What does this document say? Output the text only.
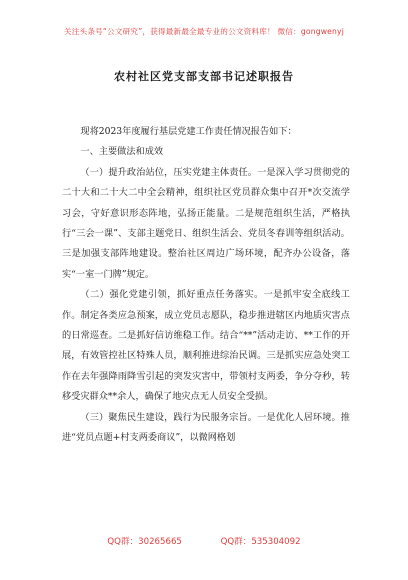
关注头条号“公文研究”，获得最新最全最专业的公文资料库！ 微信：gongwenyj
农村社区党支部支部书记述职报告

现将2023年度履行基层党建工作责任情况报告如下：

一、主要做法和成效

（一）提升政治站位，压实党建主体责任。一是深入学习贯彻党的二十大和二十大二中全会精神，组织社区党员群众集中召开*次交流学习会，守好意识形态阵地，弘扬正能量。二是规范组织生活，严格执行“三会一课”、支部主题党日、组织生活会、党员冬春训等组织活动。三是加强支部阵地建设。整治社区周边广场环境，配齐办公设备，落实“一室一门牌”规定。

（二）强化党建引领，抓好重点任务落实。一是抓牢安全底线工作。制定各类应急预案，成立党员志愿队，稳步推进辖区内地质灾害点的日常巡查。二是抓好信访维稳工作。结合“**”活动走访、**工作的开展，有效管控社区特殊人员，顺利推进综治民调。三是抓实应急处突工作在去年强降雨降雪引起的突发灾害中，带领村支两委，争分夺秒，转移受灾群众**余人，确保了地灾点无人员安全受损。

（三）聚焦民生建设，践行为民服务宗旨。一是优化人居环境。推进“党员点题+村支两委商议”，以微网格划

QQ群：30265665	QQ群：535304092
